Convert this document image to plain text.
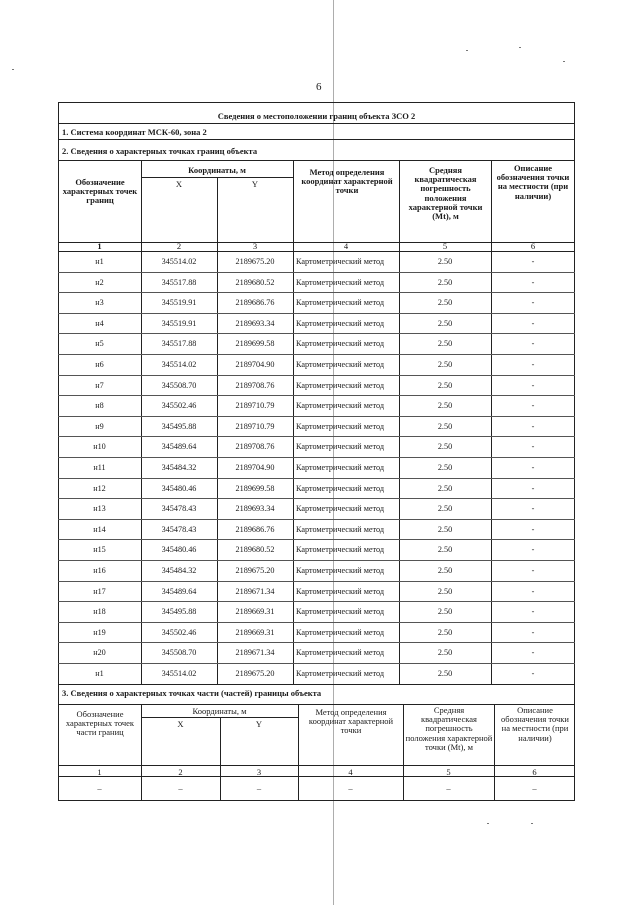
6
Сведения о местоположении границ объекта ЗСО 2
1. Система координат МСК-60, зона 2
2. Сведения о характерных точках границ объекта
Обозначение характерных точек границ
Координаты, м
X	Y
Метод определения координат характерной точки
Средняя квадратическая погрешность положения характерной точки (Mt), м
Описание обозначения точки на местности (при наличии)
1	2	3	4	5	6
н1	345514.02	2189675.20	Картометрический метод	2.50	-
н2	345517.88	2189680.52	Картометрический метод	2.50	-
н3	345519.91	2189686.76	Картометрический метод	2.50	-
н4	345519.91	2189693.34	Картометрический метод	2.50	-
н5	345517.88	2189699.58	Картометрический метод	2.50	-
н6	345514.02	2189704.90	Картометрический метод	2.50	-
н7	345508.70	2189708.76	Картометрический метод	2.50	-
н8	345502.46	2189710.79	Картометрический метод	2.50	-
н9	345495.88	2189710.79	Картометрический метод	2.50	-
н10	345489.64	2189708.76	Картометрический метод	2.50	-
н11	345484.32	2189704.90	Картометрический метод	2.50	-
н12	345480.46	2189699.58	Картометрический метод	2.50	-
н13	345478.43	2189693.34	Картометрический метод	2.50	-
н14	345478.43	2189686.76	Картометрический метод	2.50	-
н15	345480.46	2189680.52	Картометрический метод	2.50	-
н16	345484.32	2189675.20	Картометрический метод	2.50	-
н17	345489.64	2189671.34	Картометрический метод	2.50	-
н18	345495.88	2189669.31	Картометрический метод	2.50	-
н19	345502.46	2189669.31	Картометрический метод	2.50	-
н20	345508.70	2189671.34	Картометрический метод	2.50	-
н1	345514.02	2189675.20	Картометрический метод	2.50	-
3. Сведения о характерных точках части (частей) границы объекта
Обозначение характерных точек части границ
Координаты, м
X	Y
Метод определения координат характерной точки
Средняя квадратическая погрешность положения характерной точки (Mt), м
Описание обозначения точки на местности (при наличии)
1	2	3	4	5	6
–	–	–	–	–	–
